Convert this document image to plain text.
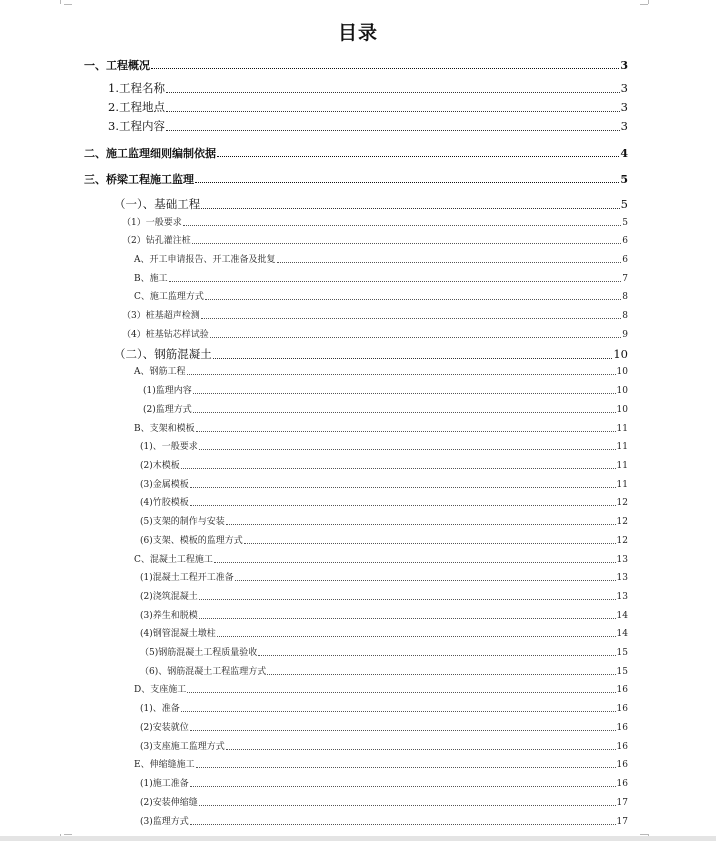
目录
一、工程概况	3
1.工程名称	3
2.工程地点	3
3.工程内容	3
二、施工监理细则编制依据	4
三、桥梁工程施工监理	5
（一）、基础工程	5
（1）一般要求	5
（2）钻孔灌注桩	6
A、开工申请报告、开工准备及批复	6
B、施工	7
C、施工监理方式	8
（3）桩基超声检测	8
（4）桩基钻芯样试验	9
（二）、钢筋混凝土	10
A、钢筋工程	10
(1)监理内容	10
(2)监理方式	10
B、支架和模板	11
(1)、一般要求	11
(2)木模板	11
(3)金属模板	11
(4)竹胶模板	12
(5)支架的制作与安装	12
(6)支架、模板的监理方式	12
C、混凝土工程施工	13
(1)混凝土工程开工准备	13
(2)浇筑混凝土	13
(3)养生和脱模	14
(4)钢管混凝土墩柱	14
（5)钢筋混凝土工程质量验收	15
（6)、钢筋混凝土工程监理方式	15
D、支座施工	16
(1)、准备	16
(2)安装就位	16
(3)支座施工监理方式	16
E、伸缩缝施工	16
(1)施工准备	16
(2)安装伸缩缝	17
(3)监理方式	17
